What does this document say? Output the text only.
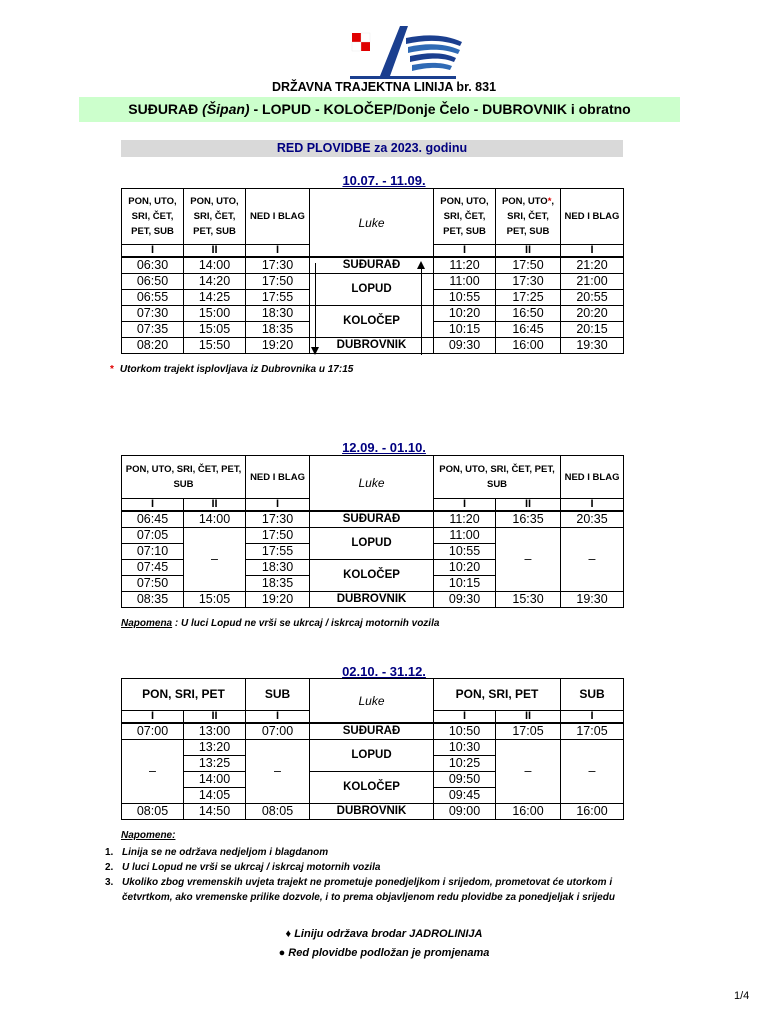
DRŽAVNA TRAJEKTNA LINIJA br. 831
SUĐURAĐ (Šipan) - LOPUD - KOLOČEP/Donje Čelo - DUBROVNIK i obratno
RED PLOVIDBE za 2023. godinu
10.07. - 11.09.
PON, UTO, SRI, ČET, PET, SUB	PON, UTO, SRI, ČET, PET, SUB	NED I BLAG	Luke	PON, UTO, SRI, ČET, PET, SUB	PON, UTO*, SRI, ČET, PET, SUB	NED I BLAG
I	II	I		I	II	I
06:30	14:00	17:30	SUĐURAĐ	11:20	17:50	21:20
06:50	14:20	17:50	LOPUD	11:00	17:30	21:00
06:55	14:25	17:55		10:55	17:25	20:55
07:30	15:00	18:30	KOLOČEP	10:20	16:50	20:20
07:35	15:05	18:35		10:15	16:45	20:15
08:20	15:50	19:20	DUBROVNIK	09:30	16:00	19:30
* Utorkom trajekt isplovljava iz Dubrovnika u 17:15
12.09. - 01.10.
PON, UTO, SRI, ČET, PET, SUB		NED I BLAG	Luke	PON, UTO, SRI, ČET, PET, SUB		NED I BLAG
I	II	I		I	II	I
06:45	14:00	17:30	SUĐURAĐ	11:20	16:35	20:35
07:05	–	17:50	LOPUD	11:00	–	–
07:10		17:55		10:55		
07:45		18:30	KOLOČEP	10:20		
07:50		18:35		10:15		
08:35	15:05	19:20	DUBROVNIK	09:30	15:30	19:30
Napomena : U luci Lopud ne vrši se ukrcaj / iskrcaj motornih vozila
02.10. - 31.12.
PON, SRI, PET		SUB	Luke	PON, SRI, PET		SUB
I	II	I		I	II	I
07:00	13:00	07:00	SUĐURAĐ	10:50	17:05	17:05
–	13:20	–	LOPUD	10:30	–	–
	13:25			10:25		
	14:00		KOLOČEP	09:50		
	14:05			09:45		
08:05	14:50	08:05	DUBROVNIK	09:00	16:00	16:00
Napomene:
1. Linija se ne održava nedjeljom i blagdanom
2. U luci Lopud ne vrši se ukrcaj / iskrcaj motornih vozila
3. Ukoliko zbog vremenskih uvjeta trajekt ne prometuje ponedjeljkom i srijedom, prometovat će utorkom i
četvrtkom, ako vremenske prilike dozvole, i to prema objavljenom redu plovidbe za ponedjeljak i srijedu
♦ Liniju održava brodar JADROLINIJA
● Red plovidbe podložan je promjenama
1/4
